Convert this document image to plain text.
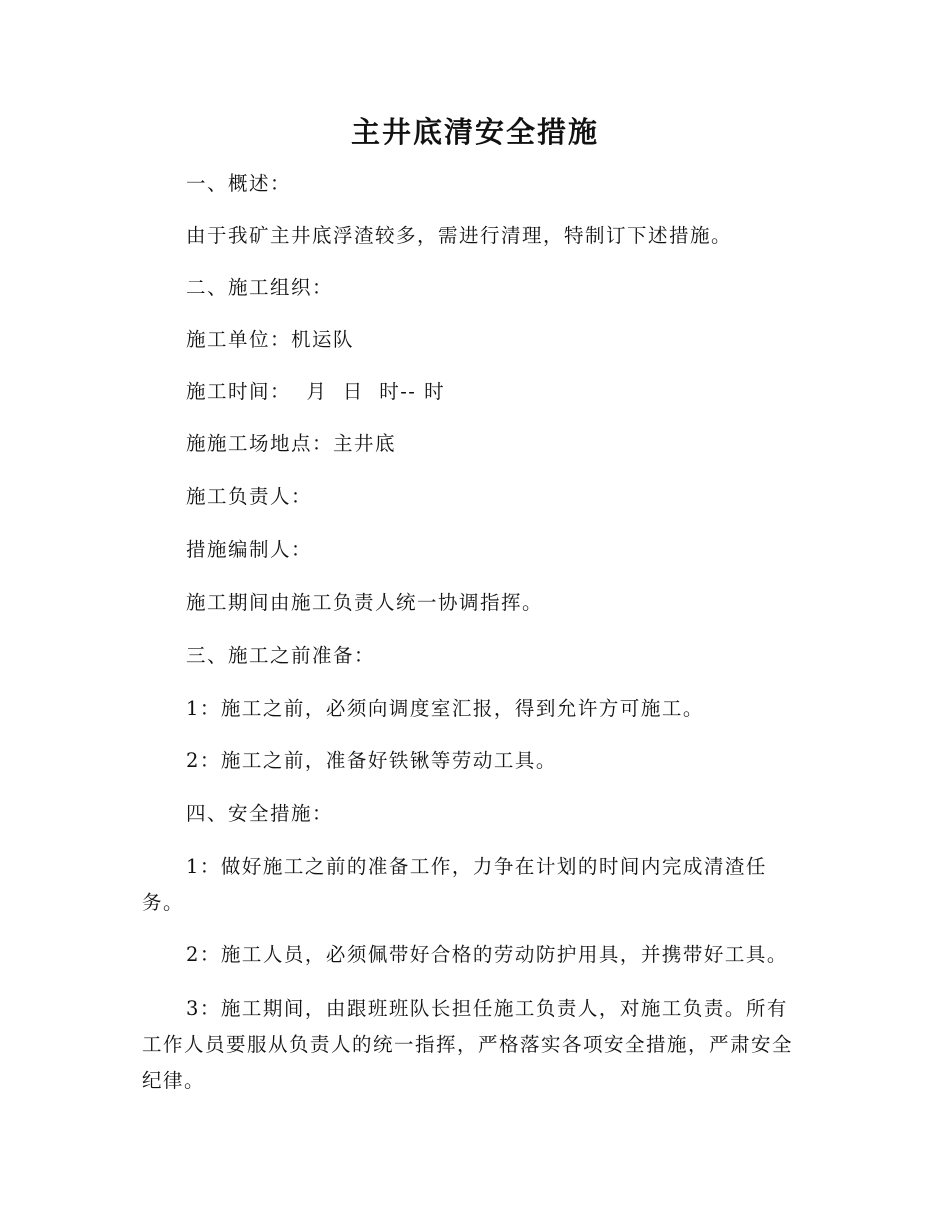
主井底清安全措施
一、概述：
由于我矿主井底浮渣较多，需进行清理，特制订下述措施。
二、施工组织：
施工单位：机运队
施工时间：  月  日  时-- 时
施施工场地点：主井底
施工负责人：
措施编制人：
施工期间由施工负责人统一协调指挥。
三、施工之前准备：
1：施工之前，必须向调度室汇报，得到允许方可施工。
2：施工之前，准备好铁锹等劳动工具。
四、安全措施：
1：做好施工之前的准备工作，力争在计划的时间内完成清渣任务。
2：施工人员，必须佩带好合格的劳动防护用具，并携带好工具。
3：施工期间，由跟班班队长担任施工负责人，对施工负责。所有工作人员要服从负责人的统一指挥，严格落实各项安全措施，严肃安全纪律。
